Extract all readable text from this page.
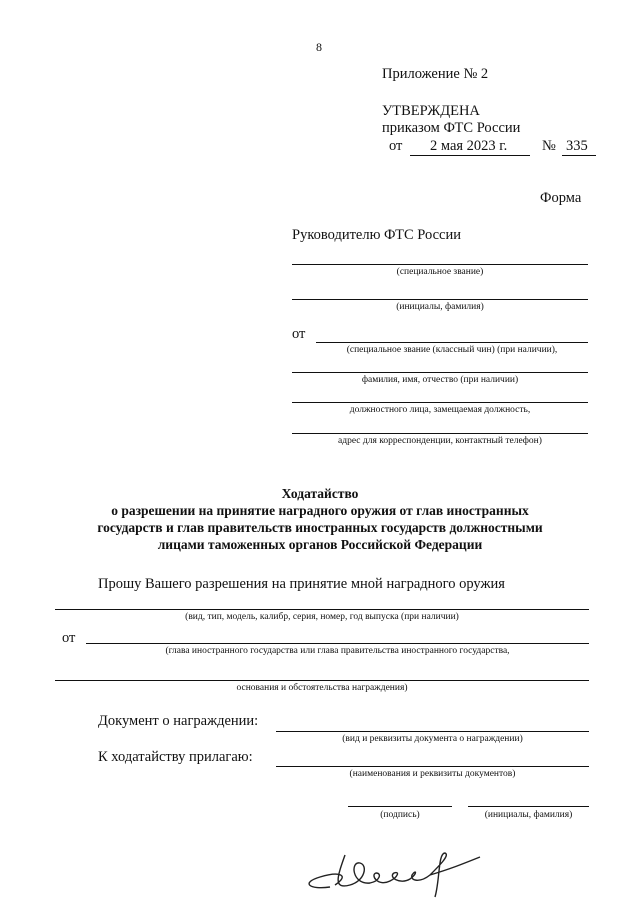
8
Приложение № 2
УТВЕРЖДЕНА
приказом ФТС России
от 2 мая 2023 г. № 335
Форма
Руководителю ФТС России
(специальное звание)
(инициалы, фамилия)
от
(специальное звание (классный чин) (при наличии),
фамилия, имя, отчество (при наличии)
должностного лица, замещаемая должность,
адрес для корреспонденции, контактный телефон)
Ходатайство
о разрешении на принятие наградного оружия от глав иностранных
государств и глав правительств иностранных государств должностными
лицами таможенных органов Российской Федерации
Прошу Вашего разрешения на принятие мной наградного оружия
(вид, тип, модель, калибр, серия, номер, год выпуска (при наличии)
от
(глава иностранного государства или глава правительства иностранного государства,
основания и обстоятельства награждения)
Документ о награждении:
(вид и реквизиты документа о награждении)
К ходатайству прилагаю:
(наименования и реквизиты документов)
(подпись)	(инициалы, фамилия)
